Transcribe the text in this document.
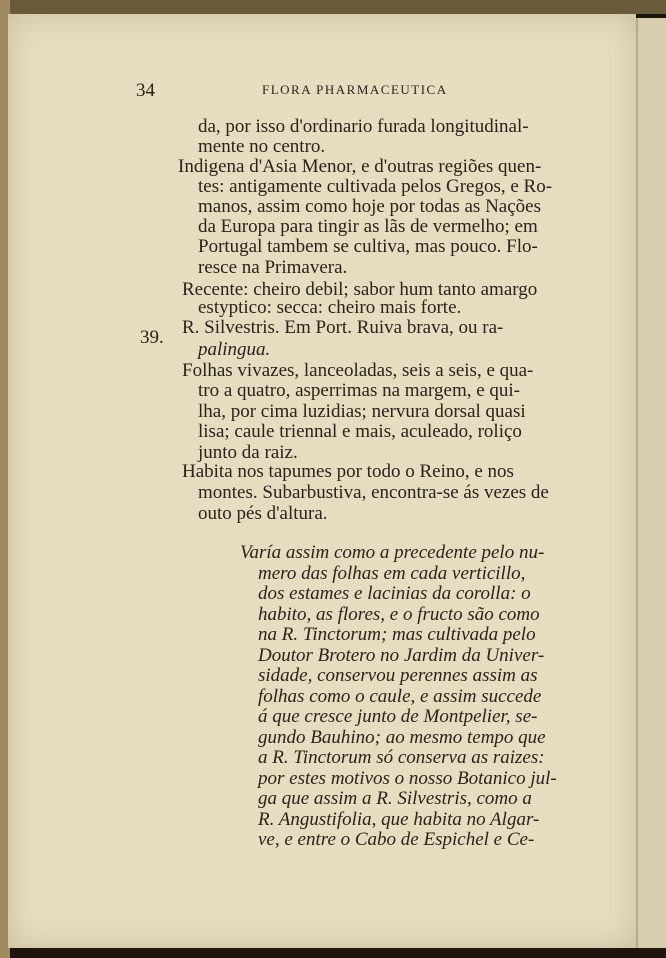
34	FLORA PHARMACEUTICA
da, por isso d'ordinario furada longitudinal-
mente no centro.
Indigena d'Asia Menor, e d'outras regiões quen-
tes: antigamente cultivada pelos Gregos, e Ro-
manos, assim como hoje por todas as Nações
da Europa para tingir as lãs de vermelho; em
Portugal tambem se cultiva, mas pouco. Flo-
resce na Primavera.
Recente: cheiro debil; sabor hum tanto amargo
estyptico: secca: cheiro mais forte.
39. R. Silvestris. Em Port. Ruiva brava, ou ra-
palingua.
Folhas vivazes, lanceoladas, seis a seis, e qua-
tro a quatro, asperrimas na margem, e qui-
lha, por cima luzidias; nervura dorsal quasi
lisa; caule triennal e mais, aculeado, roliço
junto da raiz.
Habita nos tapumes por todo o Reino, e nos
montes. Subarbustiva, encontra-se ás vezes de
outo pés d'altura.
Varía assim como a precedente pelo nu-
mero das folhas em cada verticillo,
dos estames e lacinias da corolla: o
habito, as flores, e o fructo são como
na R. Tinctorum; mas cultivada pelo
Doutor Brotero no Jardim da Univer-
sidade, conservou perennes assim as
folhas como o caule, e assim succede
á que cresce junto de Montpelier, se-
gundo Bauhino; ao mesmo tempo que
a R. Tinctorum só conserva as raizes:
por estes motivos o nosso Botanico jul-
ga que assim a R. Silvestris, como a
R. Angustifolia, que habita no Algar-
ve, e entre o Cabo de Espichel e Ce-
